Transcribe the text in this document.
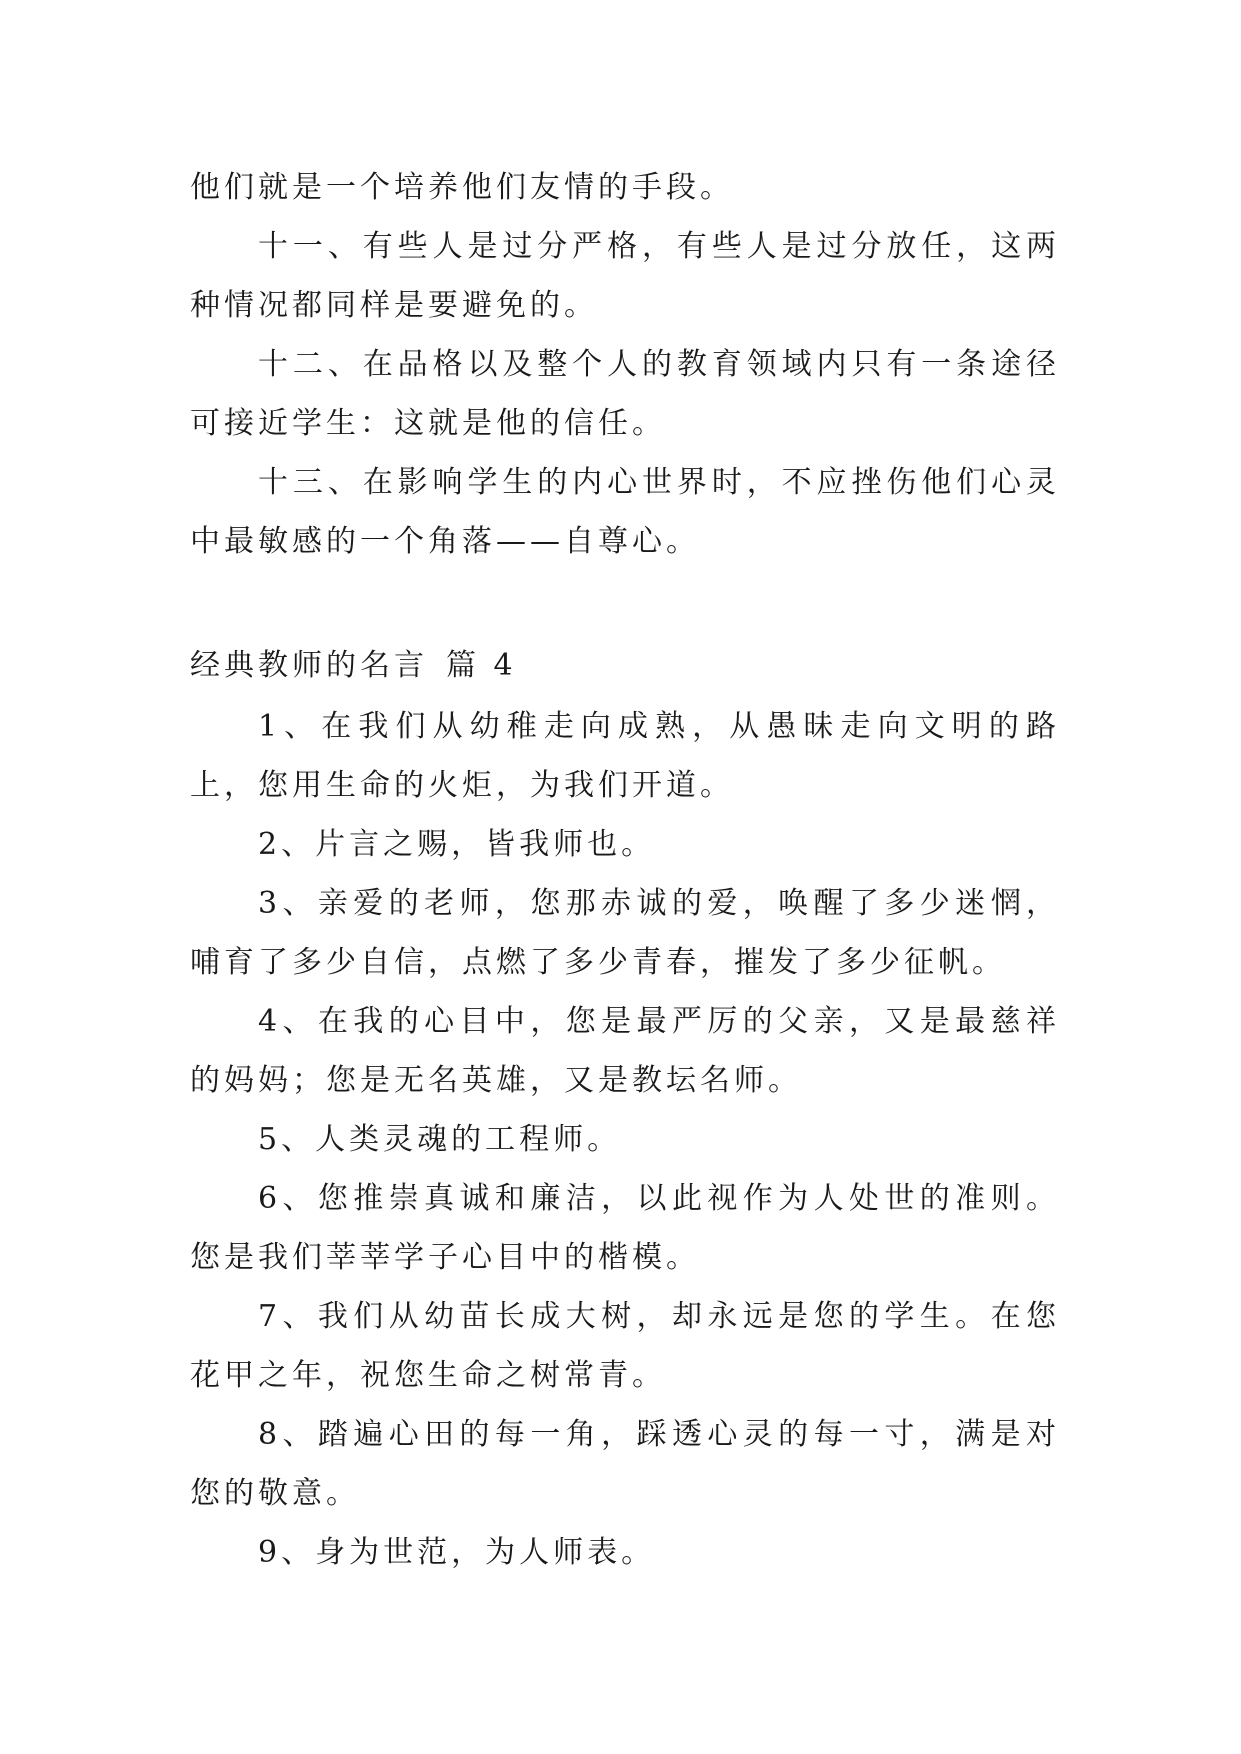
他们就是一个培养他们友情的手段。

十一、有些人是过分严格，有些人是过分放任，这两种情况都同样是要避免的。

十二、在品格以及整个人的教育领域内只有一条途径可接近学生：这就是他的信任。

十三、在影响学生的内心世界时，不应挫伤他们心灵中最敏感的一个角落——自尊心。

经典教师的名言 篇 4

1、在我们从幼稚走向成熟，从愚昧走向文明的路上，您用生命的火炬，为我们开道。

2、片言之赐，皆我师也。

3、亲爱的老师，您那赤诚的爱，唤醒了多少迷惘，哺育了多少自信，点燃了多少青春，摧发了多少征帆。

4、在我的心目中，您是最严厉的父亲，又是最慈祥的妈妈；您是无名英雄，又是教坛名师。

5、人类灵魂的工程师。

6、您推崇真诚和廉洁，以此视作为人处世的准则。您是我们莘莘学子心目中的楷模。

7、我们从幼苗长成大树，却永远是您的学生。在您花甲之年，祝您生命之树常青。

8、踏遍心田的每一角，踩透心灵的每一寸，满是对您的敬意。

9、身为世范，为人师表。
